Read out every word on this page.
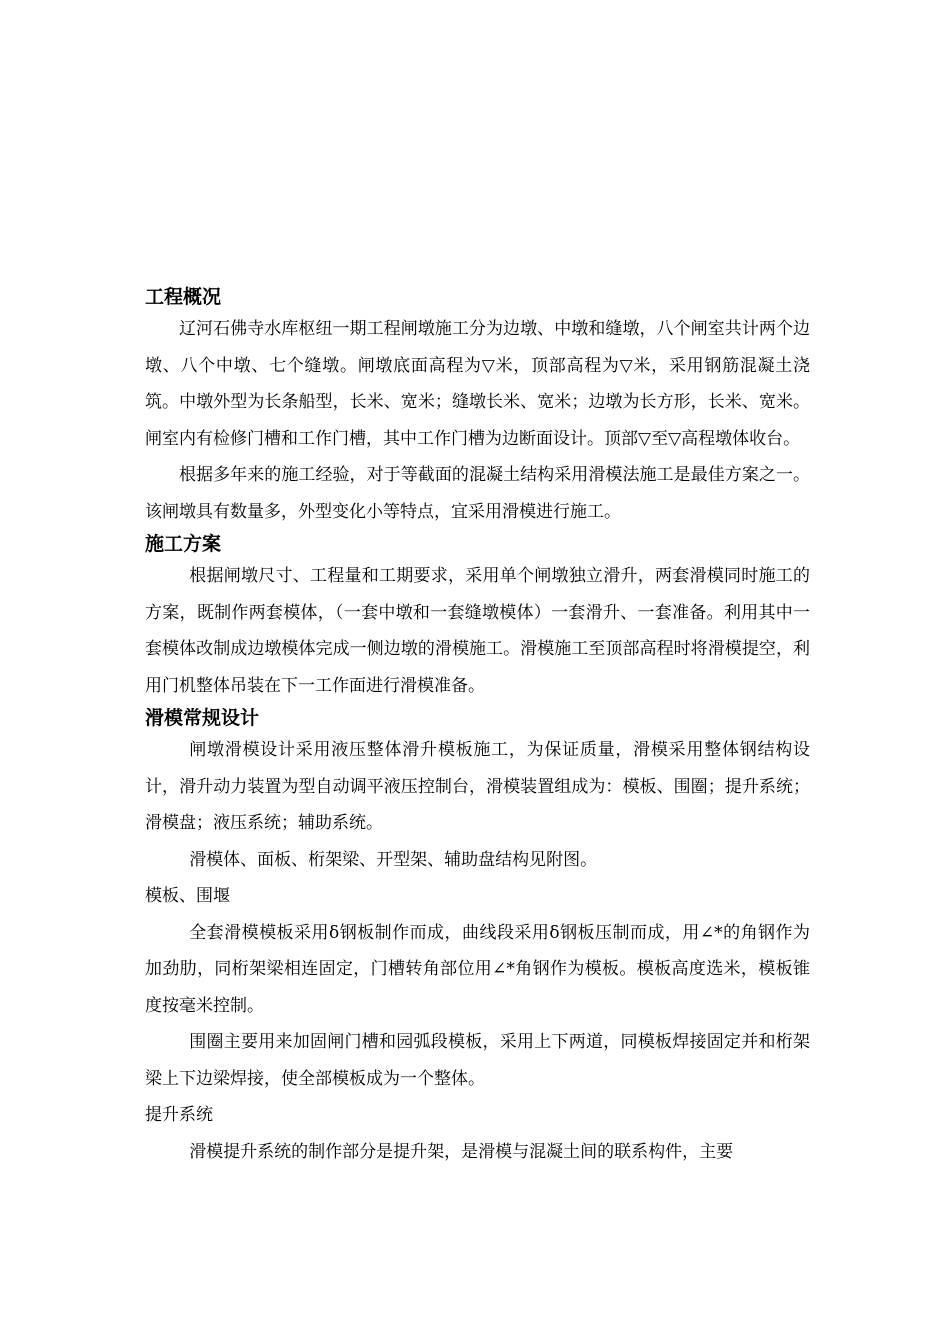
工程概况

辽河石佛寺水库枢纽一期工程闸墩施工分为边墩、中墩和缝墩，八个闸室共计两个边墩、八个中墩、七个缝墩。闸墩底面高程为▽米，顶部高程为▽米，采用钢筋混凝土浇筑。中墩外型为长条船型，长米、宽米；缝墩长米、宽米；边墩为长方形，长米、宽米。闸室内有检修门槽和工作门槽，其中工作门槽为边断面设计。顶部▽至▽高程墩体收台。

根据多年来的施工经验，对于等截面的混凝土结构采用滑模法施工是最佳方案之一。该闸墩具有数量多，外型变化小等特点，宜采用滑模进行施工。

施工方案

根据闸墩尺寸、工程量和工期要求，采用单个闸墩独立滑升，两套滑模同时施工的方案，既制作两套模体，（一套中墩和一套缝墩模体）一套滑升、一套准备。利用其中一套模体改制成边墩模体完成一侧边墩的滑模施工。滑模施工至顶部高程时将滑模提空，利用门机整体吊装在下一工作面进行滑模准备。

滑模常规设计

闸墩滑模设计采用液压整体滑升模板施工，为保证质量，滑模采用整体钢结构设计，滑升动力装置为型自动调平液压控制台，滑模装置组成为：模板、围圈；提升系统；滑模盘；液压系统；辅助系统。

滑模体、面板、桁架梁、开型架、辅助盘结构见附图。

模板、围堰

全套滑模模板采用δ钢板制作而成，曲线段采用δ钢板压制而成，用∠*的角钢作为加劲肋，同桁架梁相连固定，门槽转角部位用∠*角钢作为模板。模板高度选米，模板锥度按毫米控制。

围圈主要用来加固闸门槽和园弧段模板，采用上下两道，同模板焊接固定并和桁架梁上下边梁焊接，使全部模板成为一个整体。

提升系统

滑模提升系统的制作部分是提升架，是滑模与混凝土间的联系构件，主要
